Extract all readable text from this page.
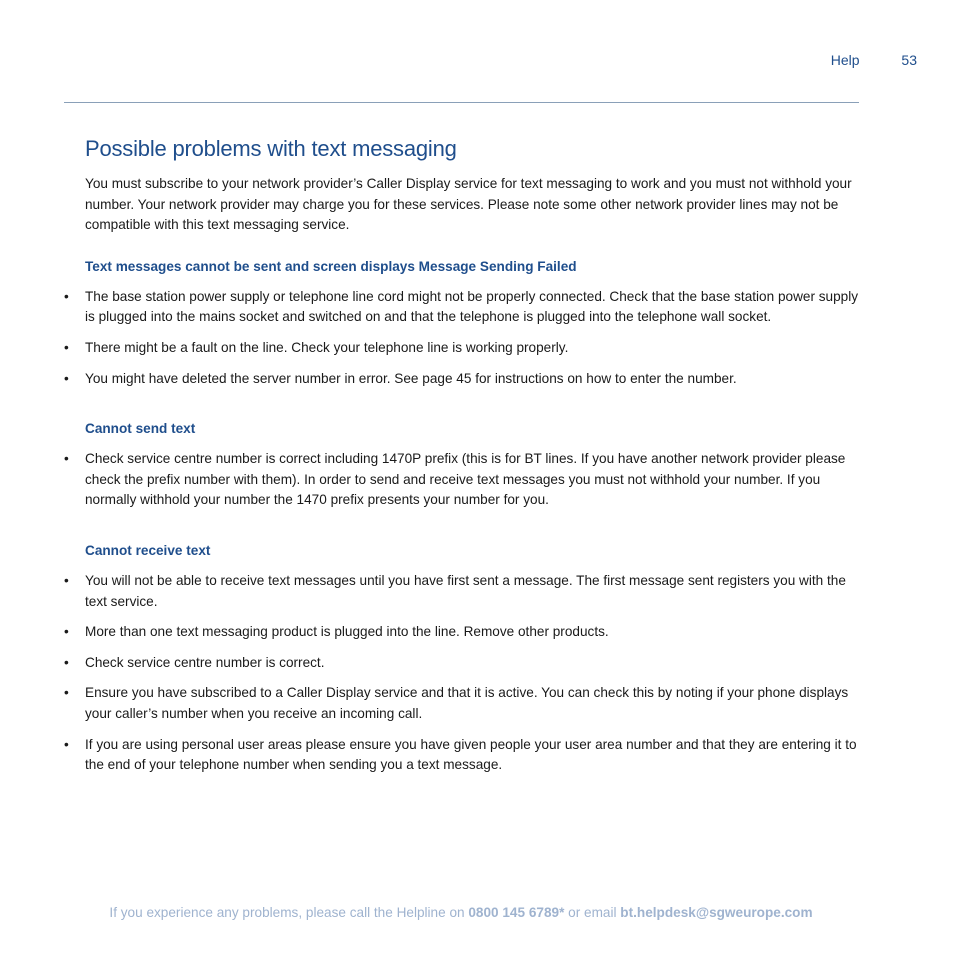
Help	53
Possible problems with text messaging

You must subscribe to your network provider’s Caller Display service for text messaging to work and you must not withhold your number. Your network provider may charge you for these services. Please note some other network provider lines may not be compatible with this text messaging service.

Text messages cannot be sent and screen displays Message Sending Failed
• The base station power supply or telephone line cord might not be properly connected. Check that the base station power supply is plugged into the mains socket and switched on and that the telephone is plugged into the telephone wall socket.
• There might be a fault on the line. Check your telephone line is working properly.
• You might have deleted the server number in error. See page 45 for instructions on how to enter the number.
Cannot send text
• Check service centre number is correct including 1470P prefix (this is for BT lines. If you have another network provider please check the prefix number with them). In order to send and receive text messages you must not withhold your number. If you normally withhold your number the 1470 prefix presents your number for you.
Cannot receive text
• You will not be able to receive text messages until you have first sent a message. The first message sent registers you with the text service.
• More than one text messaging product is plugged into the line. Remove other products.
• Check service centre number is correct.
• Ensure you have subscribed to a Caller Display service and that it is active. You can check this by noting if your phone displays your caller’s number when you receive an incoming call.
• If you are using personal user areas please ensure you have given people your user area number and that they are entering it to the end of your telephone number when sending you a text message.
If you experience any problems, please call the Helpline on 0800 145 6789* or email bt.helpdesk@sgweurope.com
